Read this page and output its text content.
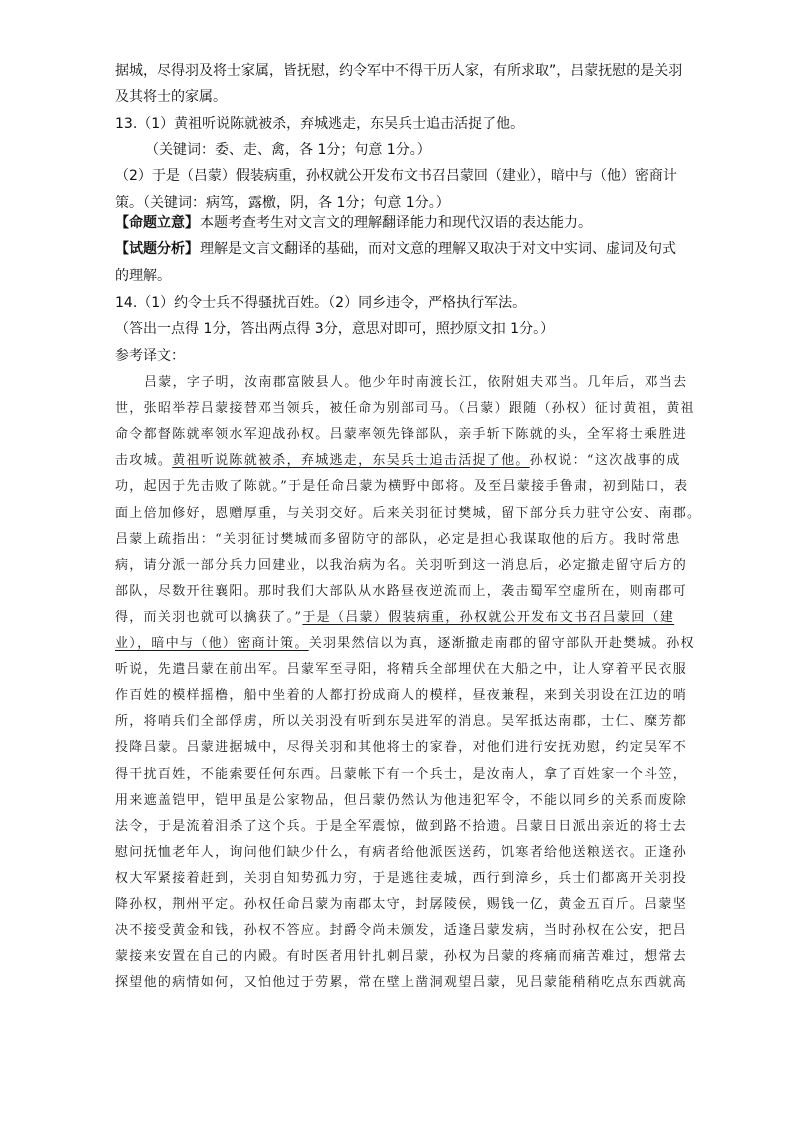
据城，尽得羽及将士家属，皆抚慰，约令军中不得干历人家，有所求取”，吕蒙抚慰的是关羽
及其将士的家属。
13.（1）黄祖听说陈就被杀，弃城逃走，东吴兵士追击活捉了他。
（关键词：委、走、禽，各 1分；句意 1分。）
（2）于是（吕蒙）假装病重，孙权就公开发布文书召吕蒙回（建业），暗中与（他）密商计
策。（关键词：病笃，露檄，阴，各 1分；句意 1分。）
【命题立意】 本题考查考生对文言文的理解翻译能力和现代汉语的表达能力。
【试题分析】 理解是文言文翻译的基础，而对文意的理解又取决于对文中实词、虚词及句式
的理解。
14.（1）约令士兵不得骚扰百姓。（2）同乡违令，严格执行军法。
（答出一点得 1分，答出两点得 3分，意思对即可，照抄原文扣 1分。）
参考译文：
吕蒙，字子明，汝南郡富陂县人。他少年时南渡长江，依附姐夫邓当。几年后，邓当去
世，张昭举荐吕蒙接替邓当领兵，被任命为别部司马。（吕蒙）跟随（孙权）征讨黄祖，黄祖
命令都督陈就率领水军迎战孙权。吕蒙率领先锋部队，亲手斩下陈就的头，全军将士乘胜进
击攻城。黄祖听说陈就被杀，弃城逃走，东吴兵士追击活捉了他。孙权说：“这次战事的成
功，起因于先击败了陈就。”于是任命吕蒙为横野中郎将。及至吕蒙接手鲁肃，初到陆口，表
面上倍加修好，恩赠厚重，与关羽交好。后来关羽征讨樊城，留下部分兵力驻守公安、南郡。
吕蒙上疏指出：“关羽征讨樊城而多留防守的部队，必定是担心我谋取他的后方。我时常患
病，请分派一部分兵力回建业，以我治病为名。关羽听到这一消息后，必定撤走留守后方的
部队，尽数开往襄阳。那时我们大部队从水路昼夜逆流而上，袭击蜀军空虚所在，则南郡可
得，而关羽也就可以擒获了。”于是（吕蒙）假装病重，孙权就公开发布文书召吕蒙回（建
业），暗中与（他）密商计策。关羽果然信以为真，逐渐撤走南郡的留守部队开赴樊城。孙权
听说，先遣吕蒙在前出军。吕蒙军至寻阳，将精兵全部埋伏在大船之中，让人穿着平民衣服
作百姓的模样摇橹，船中坐着的人都打扮成商人的模样，昼夜兼程，来到关羽设在江边的哨
所，将哨兵们全部俘虏，所以关羽没有听到东吴进军的消息。吴军抵达南郡，士仁、糜芳都
投降吕蒙。吕蒙进据城中，尽得关羽和其他将士的家眷，对他们进行安抚劝慰，约定吴军不
得干扰百姓，不能索要任何东西。吕蒙帐下有一个兵士，是汝南人，拿了百姓家一个斗笠，
用来遮盖铠甲，铠甲虽是公家物品，但吕蒙仍然认为他违犯军令，不能以同乡的关系而废除
法令，于是流着泪杀了这个兵。于是全军震惊，做到路不拾遗。吕蒙日日派出亲近的将士去
慰问抚恤老年人，询问他们缺少什么，有病者给他派医送药，饥寒者给他送粮送衣。正逢孙
权大军紧接着赶到，关羽自知势孤力穷，于是逃往麦城，西行到漳乡，兵士们都离开关羽投
降孙权，荆州平定。孙权任命吕蒙为南郡太守，封孱陵侯，赐钱一亿，黄金五百斤。吕蒙坚
决不接受黄金和钱，孙权不答应。封爵令尚未颁发，适逢吕蒙发病，当时孙权在公安，把吕
蒙接来安置在自己的内殿。有时医者用针扎刺吕蒙，孙权为吕蒙的疼痛而痛苦难过，想常去
探望他的病情如何，又怕他过于劳累，常在壁上凿洞观望吕蒙，见吕蒙能稍稍吃点东西就高
